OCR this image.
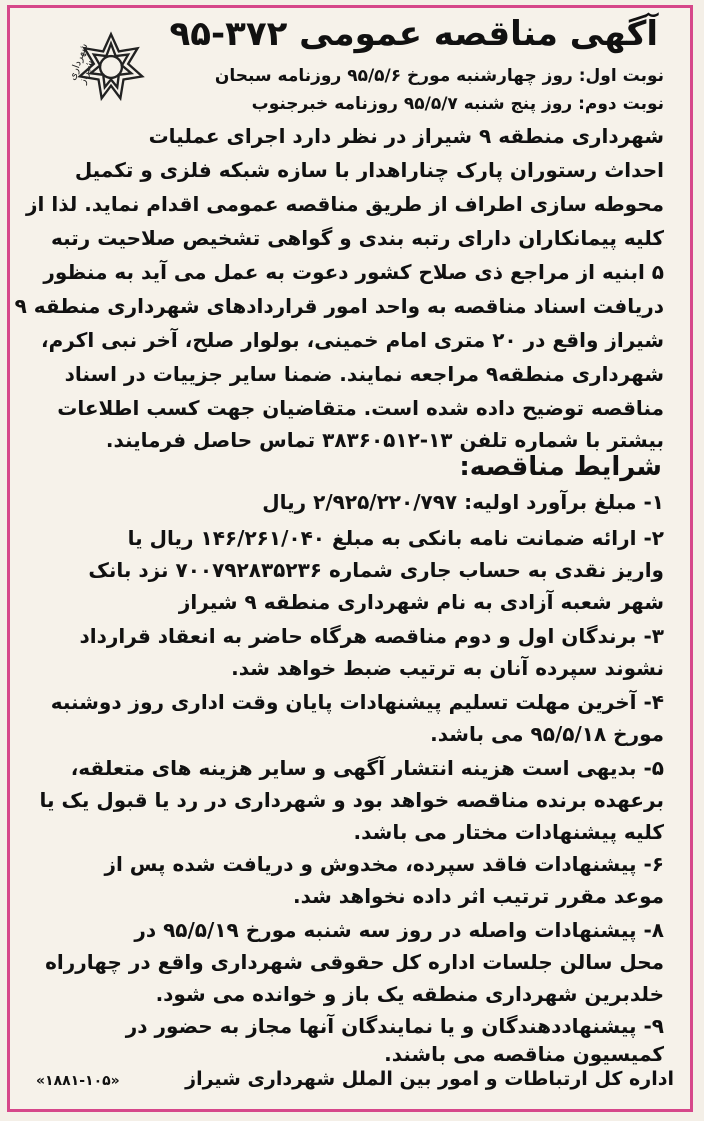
شهرداری شیراز
آگهی مناقصه عمومی ۳۷۲-۹۵
نوبت اول: روز چهارشنبه مورخ ۹۵/۵/۶ روزنامه سبحان
نوبت دوم: روز پنج شنبه ۹۵/۵/۷ روزنامه خبرجنوب
شهرداری منطقه ۹ شیراز در نظر دارد اجرای عملیات
احداث رستوران پارک چناراهدار با سازه شبکه فلزی و تکمیل
محوطه سازی اطراف از طریق مناقصه عمومی اقدام نماید. لذا از
کلیه پیمانکاران دارای رتبه بندی و گواهی تشخیص صلاحیت رتبه
۵ ابنیه از مراجع ذی صلاح کشور دعوت به عمل می آید به منظور
دریافت اسناد مناقصه به واحد امور قراردادهای شهرداری منطقه ۹
شیراز واقع در ۲۰ متری امام خمینی، بولوار صلح، آخر نبی اکرم،
شهرداری منطقه۹ مراجعه نمایند. ضمنا سایر جزییات در اسناد
مناقصه توضیح داده شده است. متقاضیان جهت کسب اطلاعات
بیشتر با شماره تلفن ۱۳-۳۸۳۶۰۵۱۲ تماس حاصل فرمایند.
شرایط مناقصه:
۱- مبلغ برآورد اولیه: ۲/۹۲۵/۲۲۰/۷۹۷ ریال
۲- ارائه ضمانت نامه بانکی به مبلغ ۱۴۶/۲۶۱/۰۴۰ ریال یا
واریز نقدی به حساب جاری شماره ۷۰۰۷۹۲۸۳۵۲۳۶ نزد بانک
شهر شعبه آزادی به نام شهرداری منطقه ۹ شیراز
۳- برندگان اول و دوم مناقصه هرگاه حاضر به انعقاد قرارداد
نشوند سپرده آنان به ترتیب ضبط خواهد شد.
۴- آخرین مهلت تسلیم پیشنهادات پایان وقت اداری روز دوشنبه
مورخ ۹۵/۵/۱۸ می باشد.
۵- بدیهی است هزینه انتشار آگهی و سایر هزینه های متعلقه،
برعهده برنده مناقصه خواهد بود و شهرداری در رد یا قبول یک یا
کلیه پیشنهادات مختار می باشد.
۶- پیشنهادات فاقد سپرده، مخدوش و دریافت شده پس از
موعد مقرر ترتیب اثر داده نخواهد شد.
۸- پیشنهادات واصله در روز سه شنبه مورخ ۹۵/۵/۱۹ در
محل سالن جلسات اداره کل حقوقی شهرداری واقع در چهارراه
خلدبرین شهرداری منطقه یک باز و خوانده می شود.
۹- پیشنهاددهندگان و یا نمایندگان آنها مجاز به حضور در
کمیسیون مناقصه می باشند.
اداره کل ارتباطات و امور بین الملل شهرداری شیراز
«۱۸۸۱-۱۰۵»
